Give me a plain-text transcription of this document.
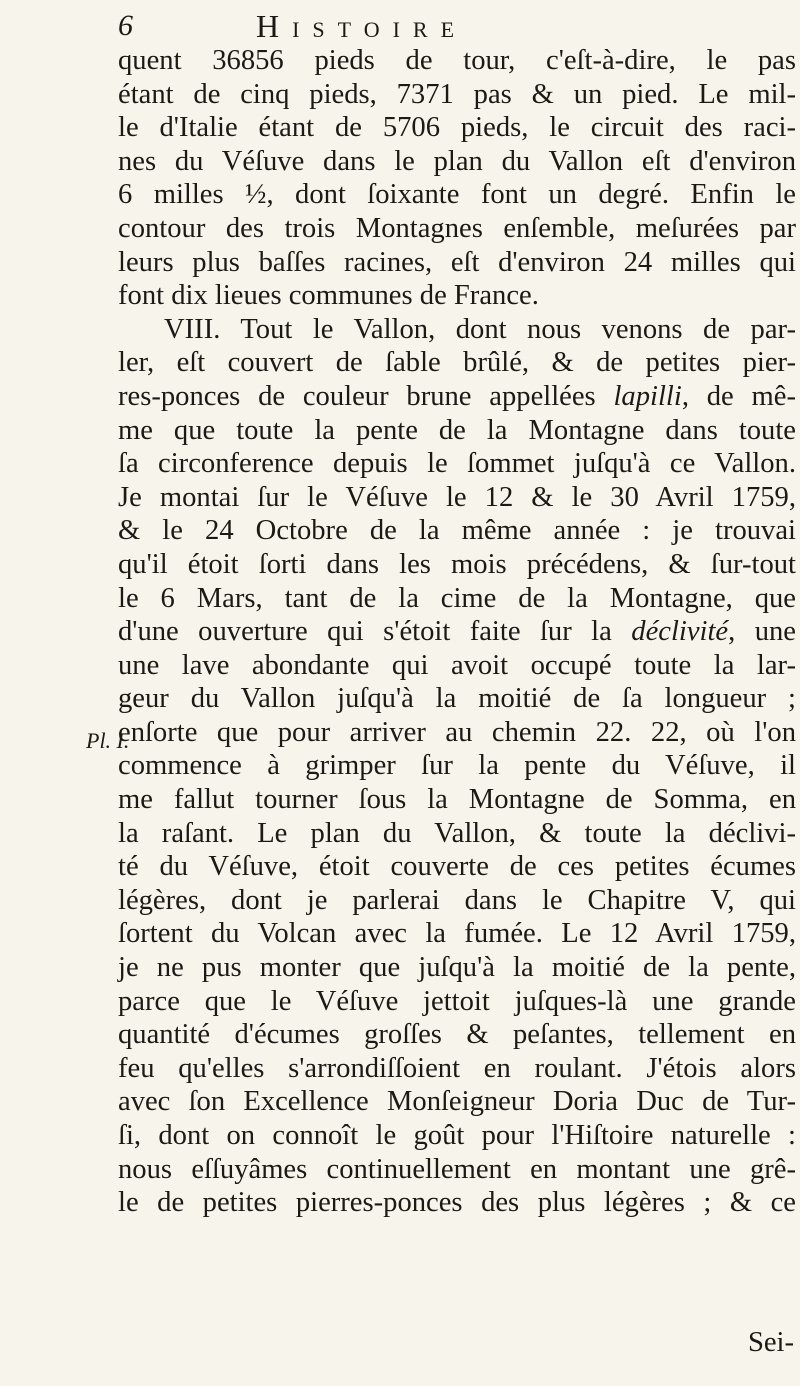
6	Histoire
Pl. I.
quent 36856 pieds de tour, c'eſt-à-dire, le pas
étant de cinq pieds, 7371 pas & un pied. Le mil-
le d'Italie étant de 5706 pieds, le circuit des raci-
nes du Véſuve dans le plan du Vallon eſt d'environ
6 milles ½, dont ſoixante font un degré. Enfin le
contour des trois Montagnes enſemble, meſurées par
leurs plus baſſes racines, eſt d'environ 24 milles qui
font dix lieues communes de France.
VIII. Tout le Vallon, dont nous venons de par-
ler, eſt couvert de ſable brûlé, & de petites pier-
res-ponces de couleur brune appellées lapilli, de mê-
me que toute la pente de la Montagne dans toute
ſa circonference depuis le ſommet juſqu'à ce Vallon.
Je montai ſur le Véſuve le 12 & le 30 Avril 1759,
& le 24 Octobre de la même année : je trouvai
qu'il étoit ſorti dans les mois précédens, & ſur-tout
le 6 Mars, tant de la cime de la Montagne, que
d'une ouverture qui s'étoit faite ſur la déclivité, une
une lave abondante qui avoit occupé toute la lar-
geur du Vallon juſqu'à la moitié de ſa longueur ;
enſorte que pour arriver au chemin 22. 22, où l'on
commence à grimper ſur la pente du Véſuve, il
me fallut tourner ſous la Montagne de Somma, en
la raſant. Le plan du Vallon, & toute la déclivi-
té du Véſuve, étoit couverte de ces petites écumes
légères, dont je parlerai dans le Chapitre V, qui
ſortent du Volcan avec la fumée. Le 12 Avril 1759,
je ne pus monter que juſqu'à la moitié de la pente,
parce que le Véſuve jettoit juſques-là une grande
quantité d'écumes groſſes & peſantes, tellement en
feu qu'elles s'arrondiſſoient en roulant. J'étois alors
avec ſon Excellence Monſeigneur Doria Duc de Tur-
ſi, dont on connoît le goût pour l'Hiſtoire naturelle :
nous eſſuyâmes continuellement en montant une grê-
le de petites pierres-ponces des plus légères ; & ce
Sei-
